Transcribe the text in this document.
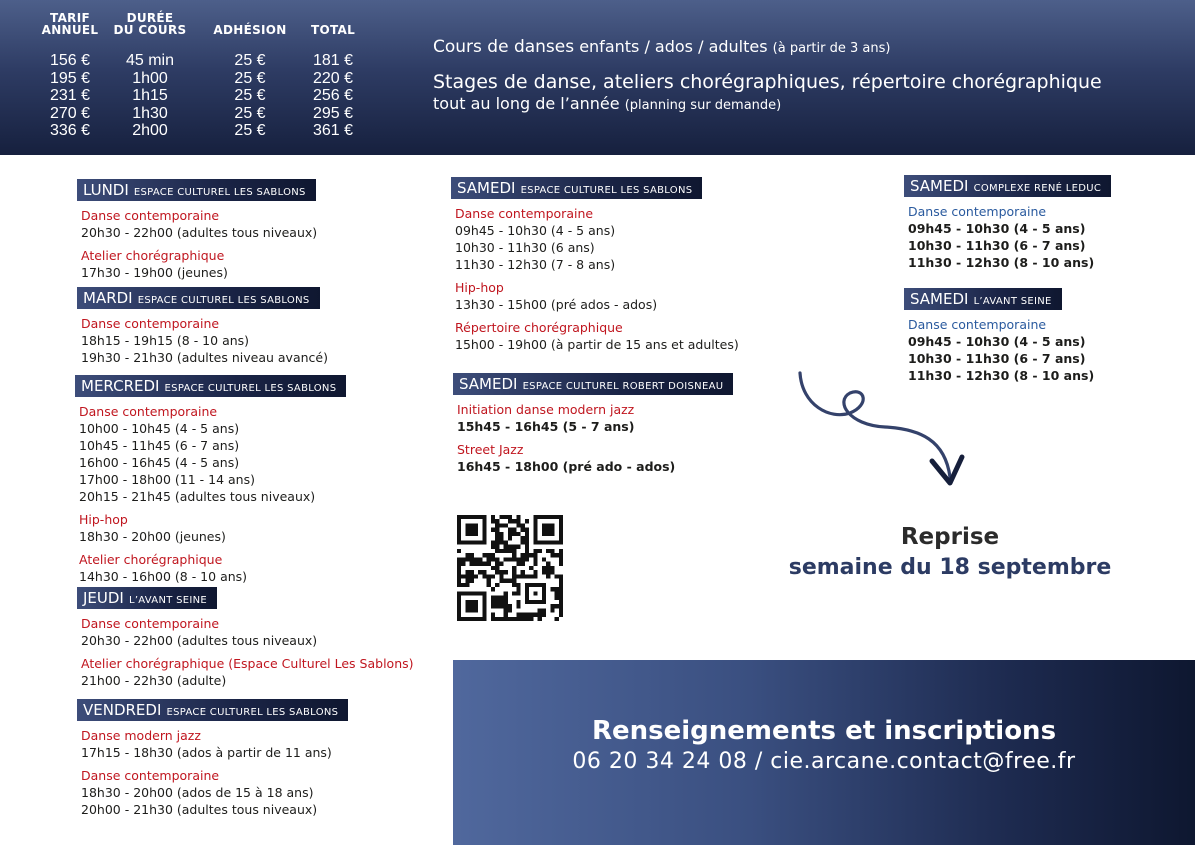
TARIF
ANNUEL
DURÉE
DU COURS	ADHÉSION	TOTAL
156 €
195 €
231 €
270 €
336 €
45 min
1h00
1h15
1h30
2h00
25 €
25 €
25 €
25 €
25 €
181 €
220 €
256 €
295 €
361 €
Cours de danses enfants / ados / adultes (à partir de 3 ans)
Stages de danse, ateliers chorégraphiques, répertoire chorégraphique
tout au long de l’année (planning sur demande)
LUNDI ESPACE CULTUREL LES SABLONS
Danse contemporaine
20h30 - 22h00 (adultes tous niveaux)
Atelier chorégraphique
17h30 - 19h00 (jeunes)
MARDI ESPACE CULTUREL LES SABLONS
Danse contemporaine
18h15 - 19h15 (8 - 10 ans)
19h30 - 21h30 (adultes niveau avancé)
MERCREDI ESPACE CULTUREL LES SABLONS
Danse contemporaine
10h00 - 10h45 (4 - 5 ans)
10h45 - 11h45 (6 - 7 ans)
16h00 - 16h45 (4 - 5 ans)
17h00 - 18h00 (11 - 14 ans)
20h15 - 21h45 (adultes tous niveaux)
Hip-hop
18h30 - 20h00 (jeunes)
Atelier chorégraphique
14h30 - 16h00 (8 - 10 ans)
JEUDI L’AVANT SEINE
Danse contemporaine
20h30 - 22h00 (adultes tous niveaux)
Atelier chorégraphique (Espace Culturel Les Sablons)
21h00 - 22h30 (adulte)
VENDREDI ESPACE CULTUREL LES SABLONS
Danse modern jazz
17h15 - 18h30 (ados à partir de 11 ans)
Danse contemporaine
18h30 - 20h00 (ados de 15 à 18 ans)
20h00 - 21h30 (adultes tous niveaux)
SAMEDI ESPACE CULTUREL LES SABLONS
Danse contemporaine
09h45 - 10h30 (4 - 5 ans)
10h30 - 11h30 (6 ans)
11h30 - 12h30 (7 - 8 ans)
Hip-hop
13h30 - 15h00 (pré ados - ados)
Répertoire chorégraphique
15h00 - 19h00 (à partir de 15 ans et adultes)
SAMEDI ESPACE CULTUREL ROBERT DOISNEAU
Initiation danse modern jazz
15h45 - 16h45 (5 - 7 ans)
Street Jazz
16h45 - 18h00 (pré ado - ados)
SAMEDI COMPLEXE RENÉ LEDUC
Danse contemporaine
09h45 - 10h30 (4 - 5 ans)
10h30 - 11h30 (6 - 7 ans)
11h30 - 12h30 (8 - 10 ans)
SAMEDI L’AVANT SEINE
Danse contemporaine
09h45 - 10h30 (4 - 5 ans)
10h30 - 11h30 (6 - 7 ans)
11h30 - 12h30 (8 - 10 ans)
Reprise
semaine du 18 septembre
Renseignements et inscriptions
06 20 34 24 08 / cie.arcane.contact@free.fr
